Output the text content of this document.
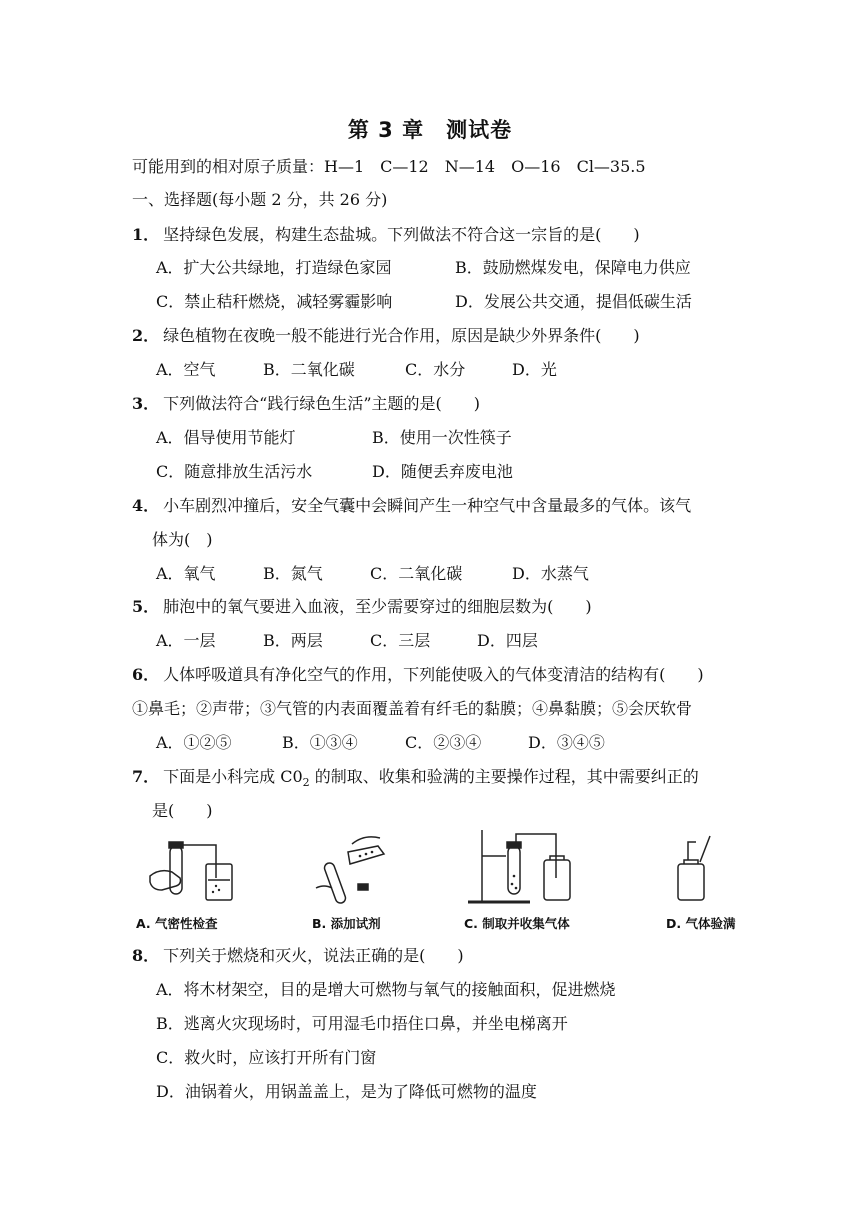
第 3 章　测试卷
可能用到的相对原子质量：H—1　C—12　N—14　O—16　Cl—35.5
一、选择题(每小题 2 分，共 26 分)
1． 坚持绿色发展，构建生态盐城。下列做法不符合这一宗旨的是(　　)
A．扩大公共绿地，打造绿色家园	B．鼓励燃煤发电，保障电力供应
C．禁止秸秆燃烧，减轻雾霾影响	D．发展公共交通，提倡低碳生活
2． 绿色植物在夜晚一般不能进行光合作用，原因是缺少外界条件(　　)
A．空气	B．二氧化碳	C．水分	D．光
3． 下列做法符合“践行绿色生活”主题的是(　　)
A．倡导使用节能灯	B．使用一次性筷子
C．随意排放生活污水	D．随便丢弃废电池
4． 小车剧烈冲撞后，安全气囊中会瞬间产生一种空气中含量最多的气体。该气
体为(　)
A．氧气	B．氮气	C．二氧化碳	D．水蒸气
5． 肺泡中的氧气要进入血液，至少需要穿过的细胞层数为(　　)
A．一层	B．两层	C．三层	D．四层
6． 人体呼吸道具有净化空气的作用，下列能使吸入的气体变清洁的结构有(　　)
①鼻毛；②声带；③气管的内表面覆盖着有纤毛的黏膜；④鼻黏膜；⑤会厌软骨
A．①②⑤	B．①③④	C．②③④	D．③④⑤
7． 下面是小科完成 $C0_2$ 的制取、收集和验满的主要操作过程，其中需要纠正的
是(　　)
A. 气密性检查	B. 添加试剂	C. 制取并收集气体	D. 气体验满
8． 下列关于燃烧和灭火，说法正确的是(　　)
A．将木材架空，目的是增大可燃物与氧气的接触面积，促进燃烧
B．逃离火灾现场时，可用湿毛巾捂住口鼻，并坐电梯离开
C．救火时，应该打开所有门窗
D．油锅着火，用锅盖盖上，是为了降低可燃物的温度
